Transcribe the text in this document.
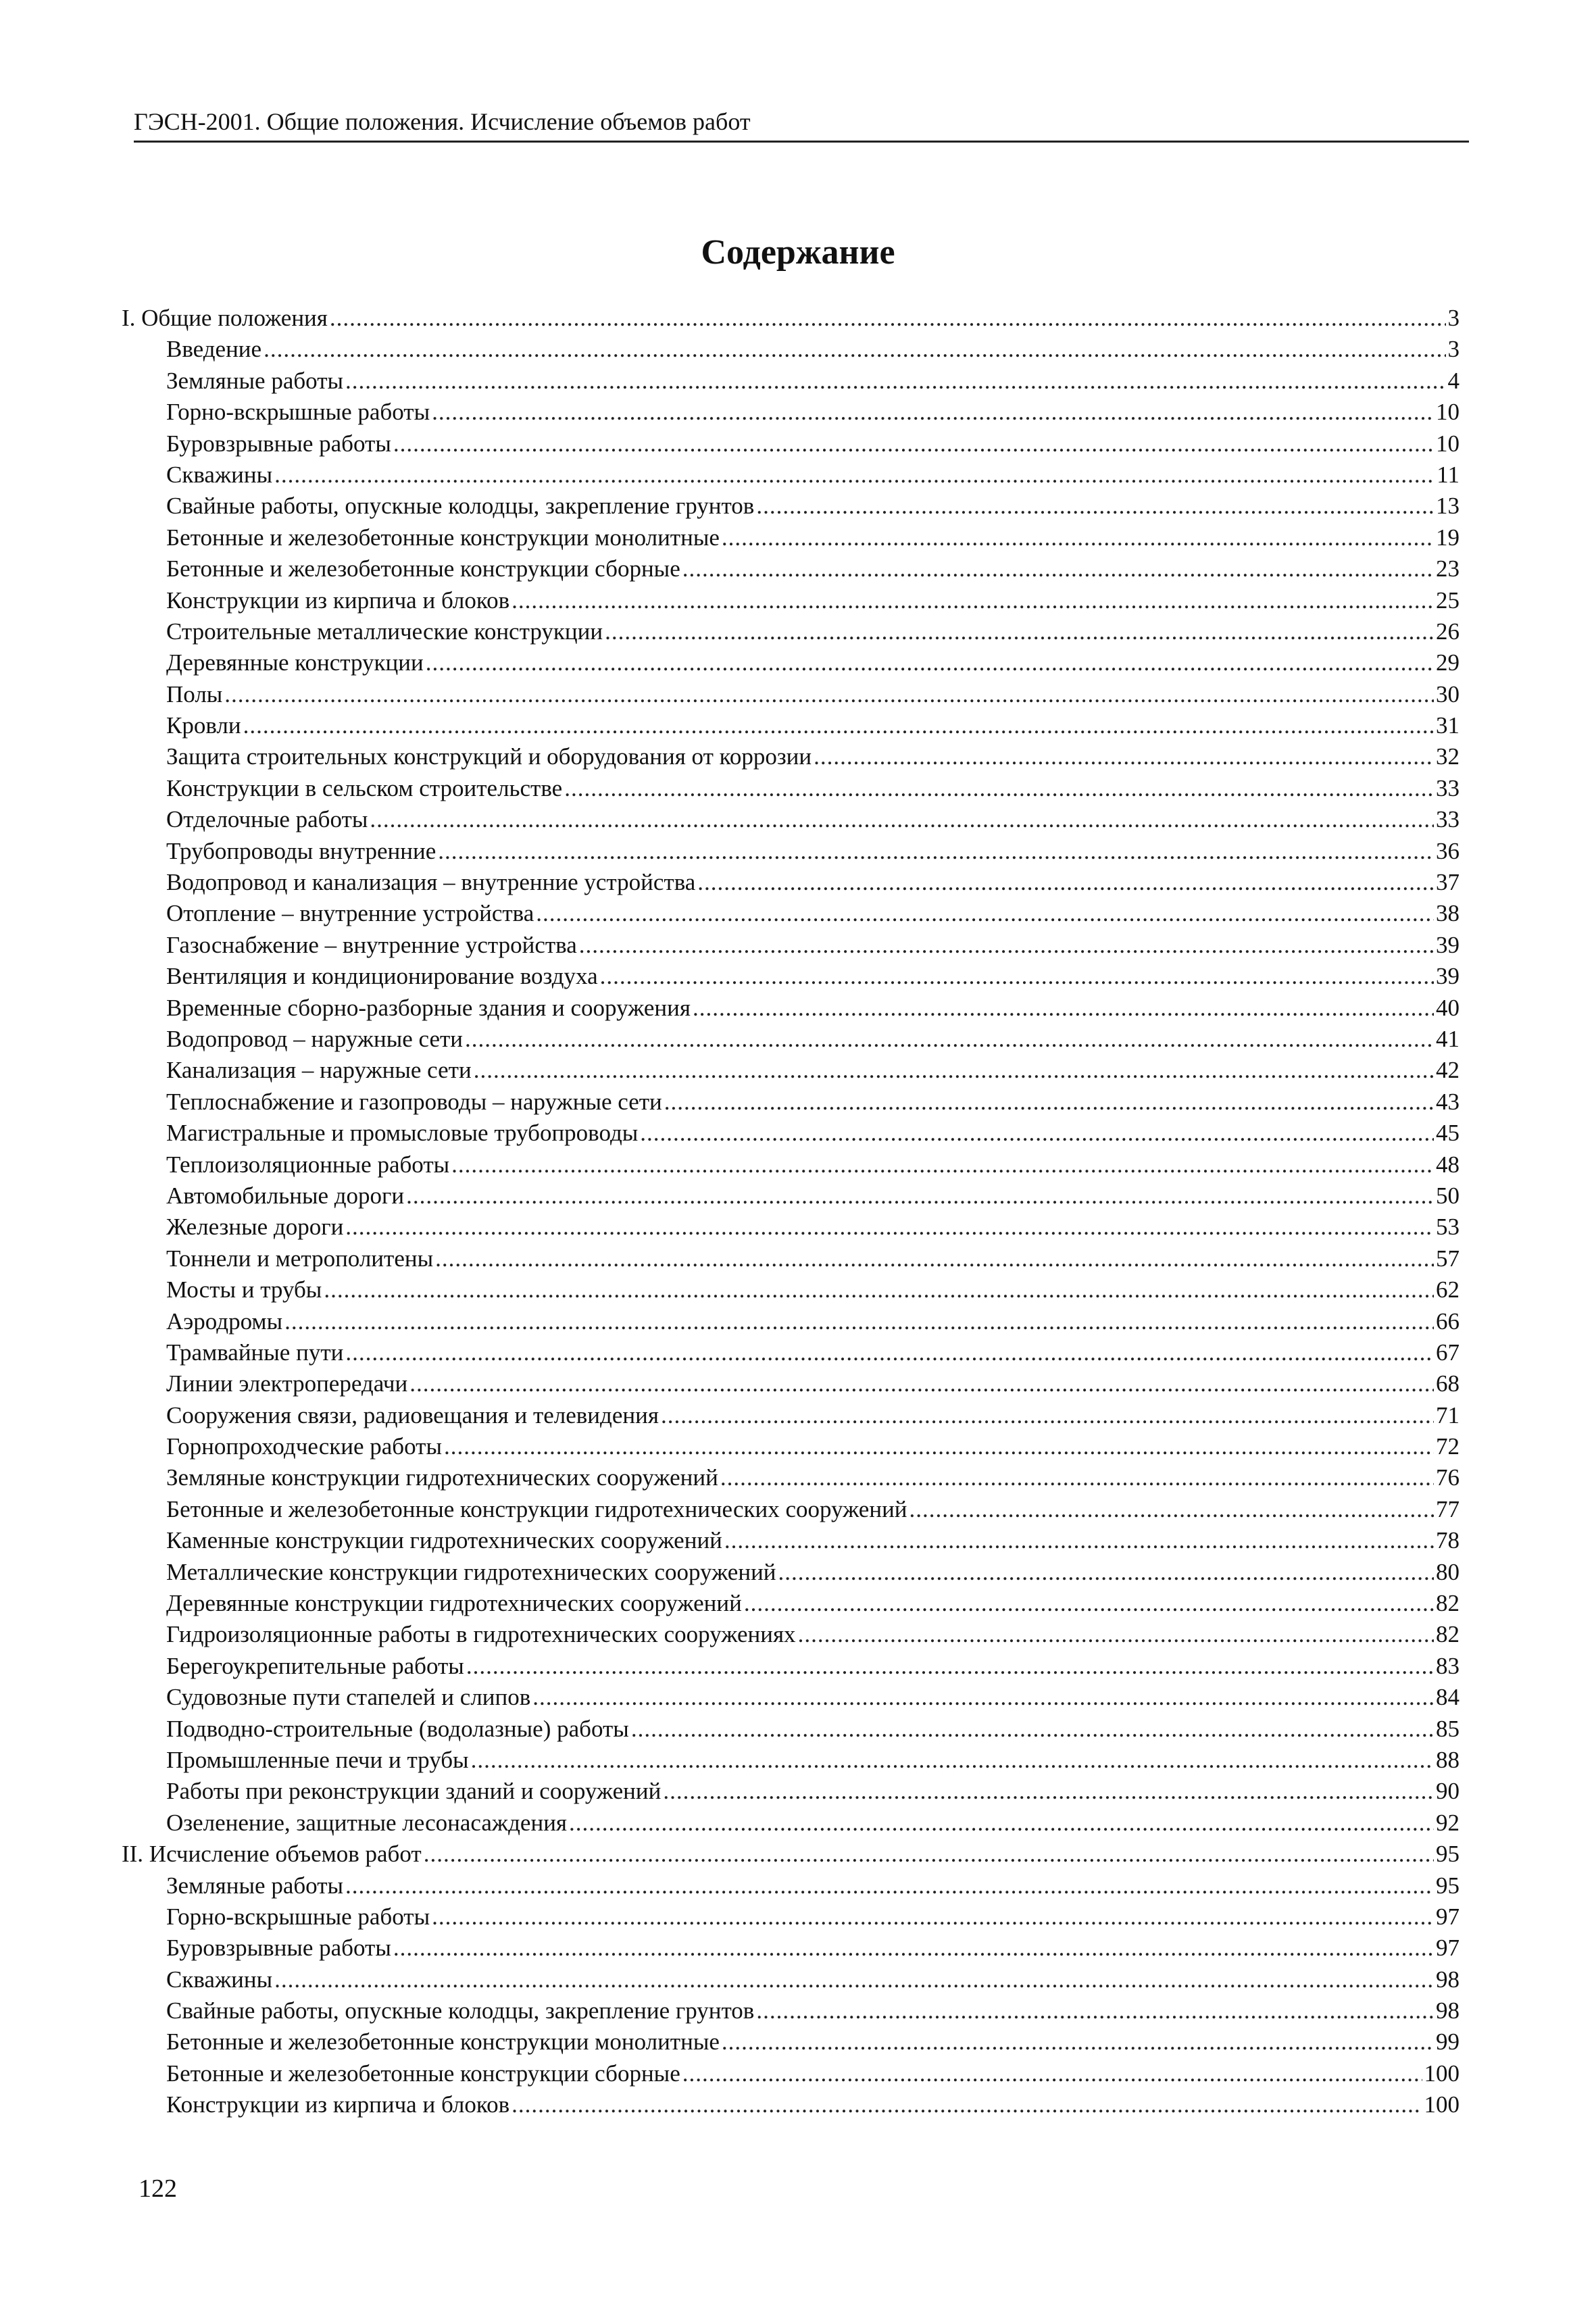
ГЭСН-2001. Общие положения. Исчисление объемов работ
Содержание
I. Общие положения .....	3
Введение .....	3
Земляные работы .....	4
Горно-вскрышные работы .....	10
Буровзрывные работы .....	10
Скважины .....	11
Свайные работы, опускные колодцы, закрепление грунтов .....	13
Бетонные и железобетонные конструкции монолитные .....	19
Бетонные и железобетонные конструкции сборные .....	23
Конструкции из кирпича и блоков .....	25
Строительные металлические конструкции .....	26
Деревянные конструкции .....	29
Полы .....	30
Кровли .....	31
Защита строительных конструкций и оборудования от коррозии .....	32
Конструкции в сельском строительстве .....	33
Отделочные работы .....	33
Трубопроводы внутренние .....	36
Водопровод и канализация – внутренние устройства .....	37
Отопление – внутренние устройства .....	38
Газоснабжение – внутренние устройства .....	39
Вентиляция и кондиционирование воздуха .....	39
Временные сборно-разборные здания и сооружения .....	40
Водопровод – наружные сети .....	41
Канализация – наружные сети .....	42
Теплоснабжение и газопроводы – наружные сети .....	43
Магистральные и промысловые трубопроводы .....	45
Теплоизоляционные работы .....	48
Автомобильные дороги .....	50
Железные дороги .....	53
Тоннели и метрополитены .....	57
Мосты и трубы .....	62
Аэродромы .....	66
Трамвайные пути .....	67
Линии электропередачи .....	68
Сооружения связи, радиовещания и телевидения .....	71
Горнопроходческие работы .....	72
Земляные конструкции гидротехнических сооружений .....	76
Бетонные и железобетонные конструкции гидротехнических сооружений .....	77
Каменные конструкции гидротехнических сооружений .....	78
Металлические конструкции гидротехнических сооружений .....	80
Деревянные конструкции гидротехнических сооружений .....	82
Гидроизоляционные работы в гидротехнических сооружениях .....	82
Берегоукрепительные работы .....	83
Судовозные пути стапелей и слипов .....	84
Подводно-строительные (водолазные) работы .....	85
Промышленные печи и трубы .....	88
Работы при реконструкции зданий и сооружений .....	90
Озеленение, защитные лесонасаждения .....	92
II. Исчисление объемов работ .....	95
Земляные работы .....	95
Горно-вскрышные работы .....	97
Буровзрывные работы .....	97
Скважины .....	98
Свайные работы, опускные колодцы, закрепление грунтов .....	98
Бетонные и железобетонные конструкции монолитные .....	99
Бетонные и железобетонные конструкции сборные .....	100
Конструкции из кирпича и блоков .....	100
122
